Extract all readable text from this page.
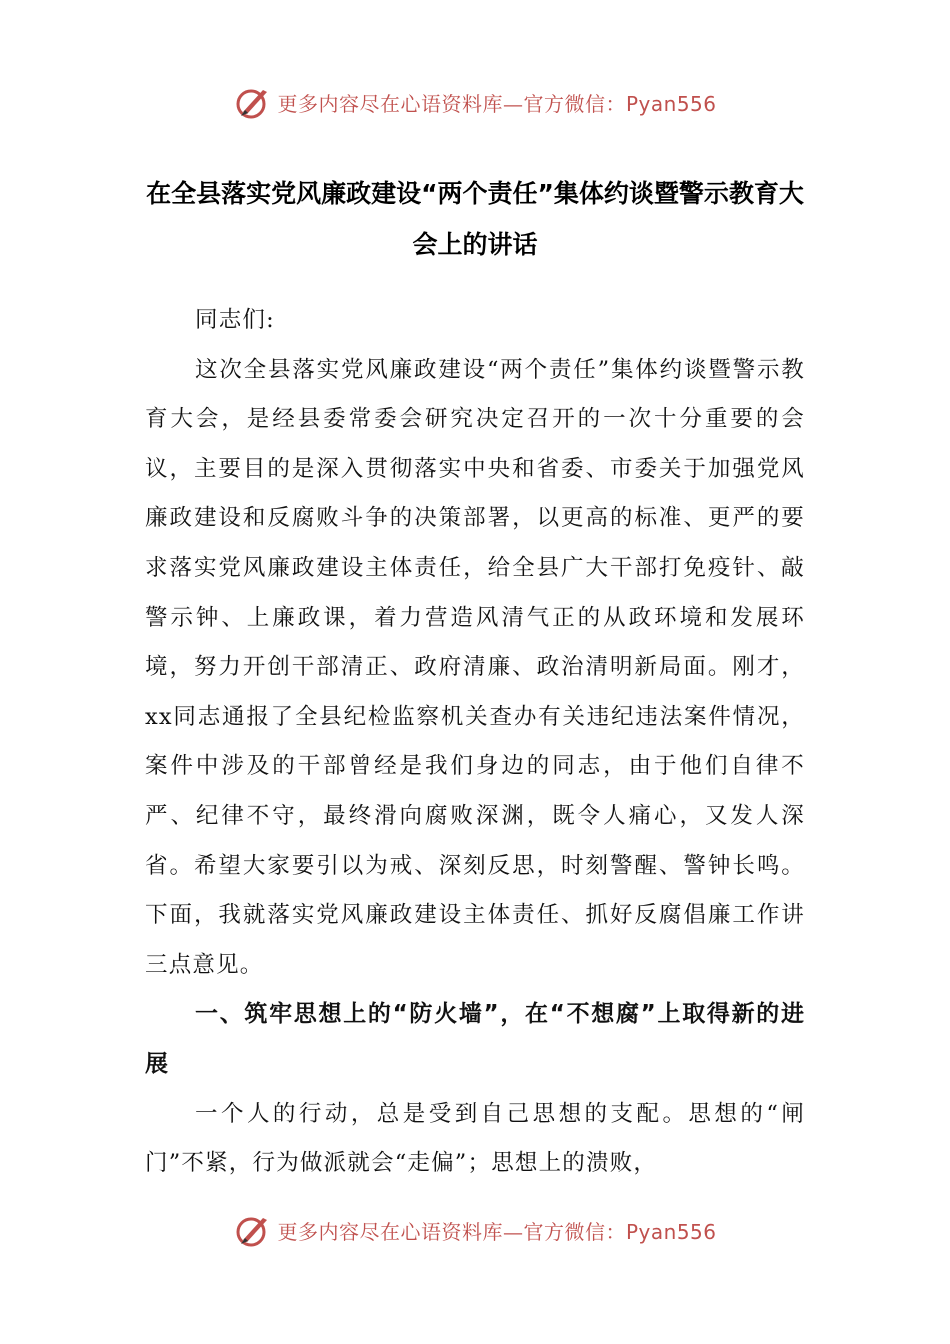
更多内容尽在心语资料库—官方微信：Pyan556
在全县落实党风廉政建设“两个责任”集体约谈暨警示教育大会上的讲话

同志们:

这次全县落实党风廉政建设“两个责任”集体约谈暨警示教育大会，是经县委常委会研究决定召开的一次十分重要的会议，主要目的是深入贯彻落实中央和省委、市委关于加强党风廉政建设和反腐败斗争的决策部署，以更高的标准、更严的要求落实党风廉政建设主体责任，给全县广大干部打免疫针、敲警示钟、上廉政课，着力营造风清气正的从政环境和发展环境，努力开创干部清正、政府清廉、政治清明新局面。刚才，xx同志通报了全县纪检监察机关查办有关违纪违法案件情况，案件中涉及的干部曾经是我们身边的同志，由于他们自律不严、纪律不守，最终滑向腐败深渊，既令人痛心，又发人深省。希望大家要引以为戒、深刻反思，时刻警醒、警钟长鸣。下面，我就落实党风廉政建设主体责任、抓好反腐倡廉工作讲三点意见。

一、筑牢思想上的“防火墙”，在“不想腐”上取得新的进展

一个人的行动，总是受到自己思想的支配。思想的“闸门”不紧，行为做派就会“走偏”；思想上的溃败，

更多内容尽在心语资料库—官方微信：Pyan556
